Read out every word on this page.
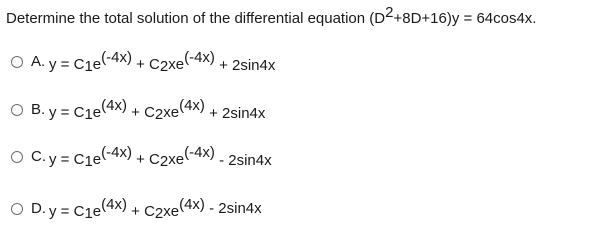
Determine the total solution of the differential equation $(D^2+8D+16)y = 64\cos 4x$.
A. y = C1e(-4x) + C2xe(-4x) + 2sin4x
B. y = C1e(4x) + C2xe(4x) + 2sin4x
C. y = C1e(-4x) + C2xe(-4x) - 2sin4x
D. y = C1e(4x) + C2xe(4x) - 2sin4x
